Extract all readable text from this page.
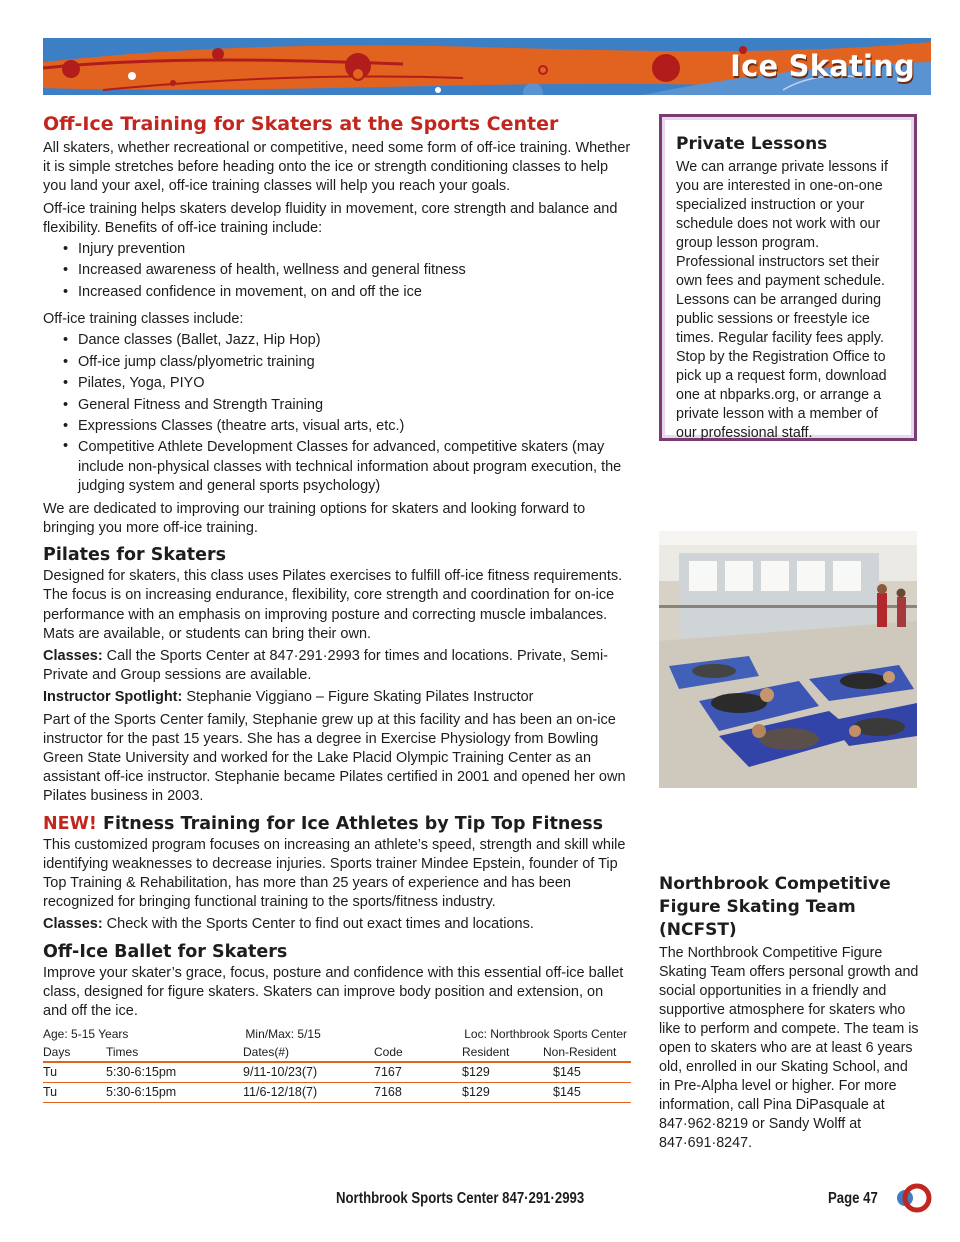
Ice Skating
Off-Ice Training for Skaters at the Sports Center

All skaters, whether recreational or competitive, need some form of off-ice training. Whether it is simple stretches before heading onto the ice or strength conditioning classes to help you land your axel, off-ice training classes will help you reach your goals.

Off-ice training helps skaters develop fluidity in movement, core strength and balance and flexibility. Benefits of off-ice training include:

• Injury prevention
• Increased awareness of health, wellness and general fitness
• Increased confidence in movement, on and off the ice

Off-ice training classes include:

• Dance classes (Ballet, Jazz, Hip Hop)
• Off-ice jump class/plyometric training
• Pilates, Yoga, PIYO
• General Fitness and Strength Training
• Expressions Classes (theatre arts, visual arts, etc.)
• Competitive Athlete Development Classes for advanced, competitive skaters (may include non-physical classes with technical information about program execution, the judging system and general sports psychology)

We are dedicated to improving our training options for skaters and looking forward to bringing you more off-ice training.

Pilates for Skaters

Designed for skaters, this class uses Pilates exercises to fulfill off-ice fitness requirements. The focus is on increasing endurance, flexibility, core strength and coordination for on-ice performance with an emphasis on improving posture and correcting muscle imbalances. Mats are available, or students can bring their own.

Classes: Call the Sports Center at 847·291·2993 for times and locations. Private, Semi-Private and Group sessions are available.

Instructor Spotlight: Stephanie Viggiano – Figure Skating Pilates Instructor

Part of the Sports Center family, Stephanie grew up at this facility and has been an on-ice instructor for the past 15 years. She has a degree in Exercise Physiology from Bowling Green State University and worked for the Lake Placid Olympic Training Center as an assistant off-ice instructor. Stephanie became Pilates certified in 2001 and opened her own Pilates business in 2003.

NEW! Fitness Training for Ice Athletes by Tip Top Fitness

This customized program focuses on increasing an athlete’s speed, strength and skill while identifying weaknesses to decrease injuries. Sports trainer Mindee Epstein, founder of Tip Top Training & Rehabilitation, has more than 25 years of experience and has been recognized for bringing functional training to the sports/fitness industry.

Classes: Check with the Sports Center to find out exact times and locations.

Off-Ice Ballet for Skaters

Improve your skater’s grace, focus, posture and confidence with this essential off-ice ballet class, designed for figure skaters. Skaters can improve body position and extension, on and off the ice.

Age: 5-15 Years Min/Max: 5/15			Loc: Northbrook Sports Center		
Days	Times	Dates(#)	Code	Resident	Non-Resident
Tu	5:30-6:15pm	9/11-10/23(7)	7167	$129	$145
Tu	5:30-6:15pm	11/6-12/18(7)	7168	$129	$145
Private Lessons

We can arrange private lessons if you are interested in one-on-one specialized instruction or your schedule does not work with our group lesson program. Professional instructors set their own fees and payment schedule. Lessons can be arranged during public sessions or freestyle ice times. Regular facility fees apply. Stop by the Registration Office to pick up a request form, download one at nbparks.org, or arrange a private lesson with a member of our professional staff.

Northbrook Competitive Figure Skating Team (NCFST)

The Northbrook Competitive Figure Skating Team offers personal growth and social opportunities in a friendly and supportive atmosphere for skaters who like to perform and compete. The team is open to skaters who are at least 6 years old, enrolled in our Skating School, and in Pre-Alpha level or higher. For more information, call Pina DiPasquale at 847·962·8219 or Sandy Wolff at 847·691·8247.

Northbrook Sports Center 847·291·2993	Page 47
